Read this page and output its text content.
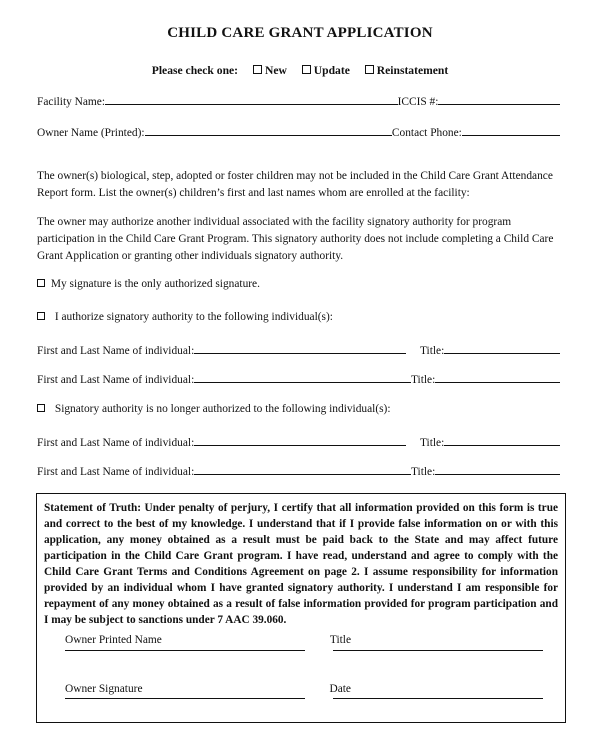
CHILD CARE GRANT APPLICATION
Please check one: New Update Reinstatement
Facility Name:	ICCIS #:
Owner Name (Printed):	Contact Phone:
The owner(s) biological, step, adopted or foster children may not be included in the Child Care Grant Attendance Report form. List the owner(s) children’s first and last names whom are enrolled at the facility:
The owner may authorize another individual associated with the facility signatory authority for program participation in the Child Care Grant Program. This signatory authority does not include completing a Child Care Grant Application or granting other individuals signatory authority.
My signature is the only authorized signature.
I authorize signatory authority to the following individual(s):
First and Last Name of individual:	Title:
First and Last Name of individual:	Title:
Signatory authority is no longer authorized to the following individual(s):
First and Last Name of individual:	Title:
First and Last Name of individual:	Title:
Statement of Truth: Under penalty of perjury, I certify that all information provided on this form is true and correct to the best of my knowledge. I understand that if I provide false information on or with this application, any money obtained as a result must be paid back to the State and may affect future participation in the Child Care Grant program. I have read, understand and agree to comply with the Child Care Grant Terms and Conditions Agreement on page 2. I assume responsibility for information provided by an individual whom I have granted signatory authority. I understand I am responsible for repayment of any money obtained as a result of false information provided for program participation and I may be subject to sanctions under 7 AAC 39.060.
Owner Printed Name	Title
Owner Signature	Date
